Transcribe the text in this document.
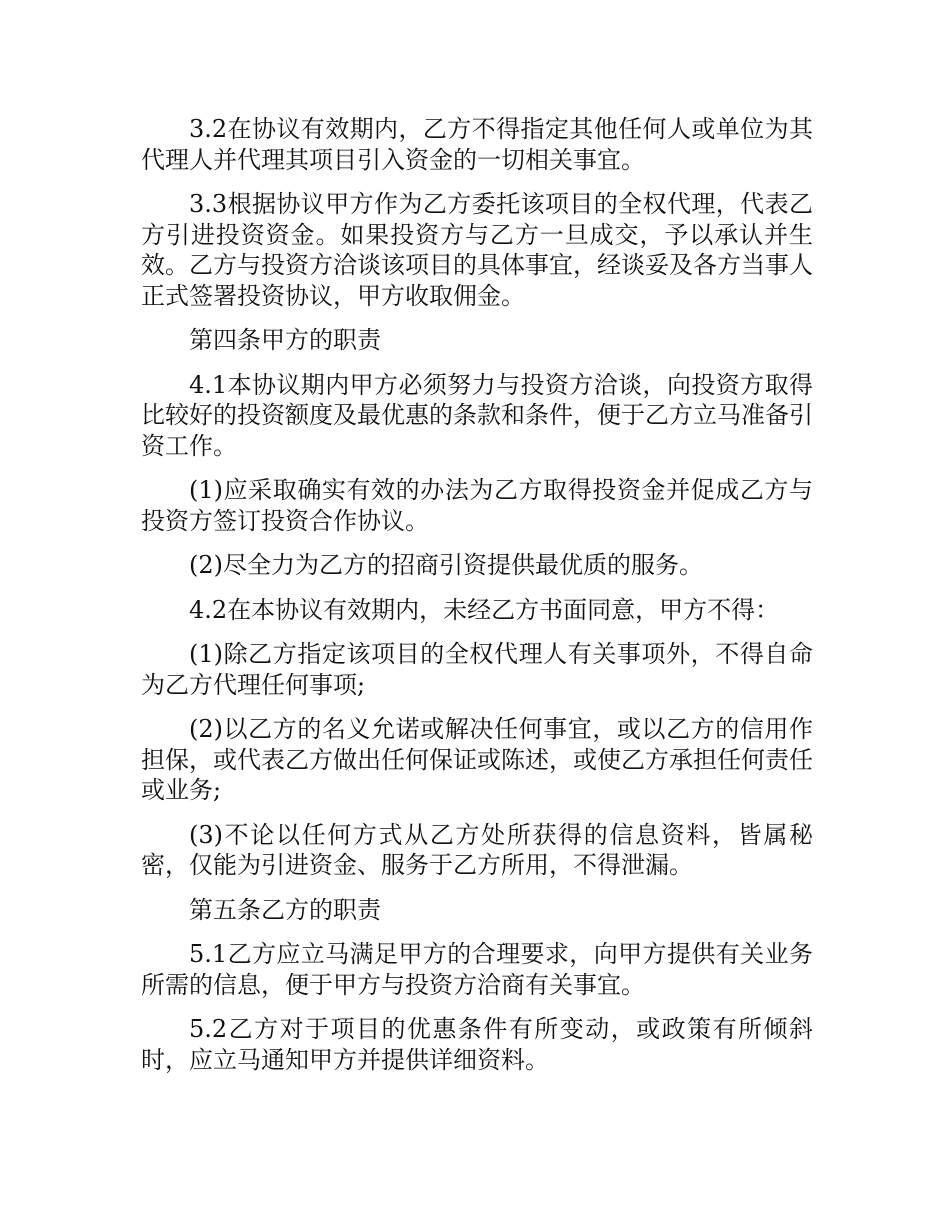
3.2在协议有效期内，乙方不得指定其他任何人或单位为其代理人并代理其项目引入资金的一切相关事宜。

3.3根据协议甲方作为乙方委托该项目的全权代理，代表乙方引进投资资金。如果投资方与乙方一旦成交，予以承认并生效。乙方与投资方洽谈该项目的具体事宜，经谈妥及各方当事人正式签署投资协议，甲方收取佣金。

第四条甲方的职责

4.1本协议期内甲方必须努力与投资方洽谈，向投资方取得比较好的投资额度及最优惠的条款和条件，便于乙方立马准备引资工作。

(1)应采取确实有效的办法为乙方取得投资金并促成乙方与投资方签订投资合作协议。

(2)尽全力为乙方的招商引资提供最优质的服务。

4.2在本协议有效期内，未经乙方书面同意，甲方不得：

(1)除乙方指定该项目的全权代理人有关事项外，不得自命为乙方代理任何事项;

(2)以乙方的名义允诺或解决任何事宜，或以乙方的信用作担保，或代表乙方做出任何保证或陈述，或使乙方承担任何责任或业务;

(3)不论以任何方式从乙方处所获得的信息资料，皆属秘密，仅能为引进资金、服务于乙方所用，不得泄漏。

第五条乙方的职责

5.1乙方应立马满足甲方的合理要求，向甲方提供有关业务所需的信息，便于甲方与投资方洽商有关事宜。

5.2乙方对于项目的优惠条件有所变动，或政策有所倾斜时，应立马通知甲方并提供详细资料。
